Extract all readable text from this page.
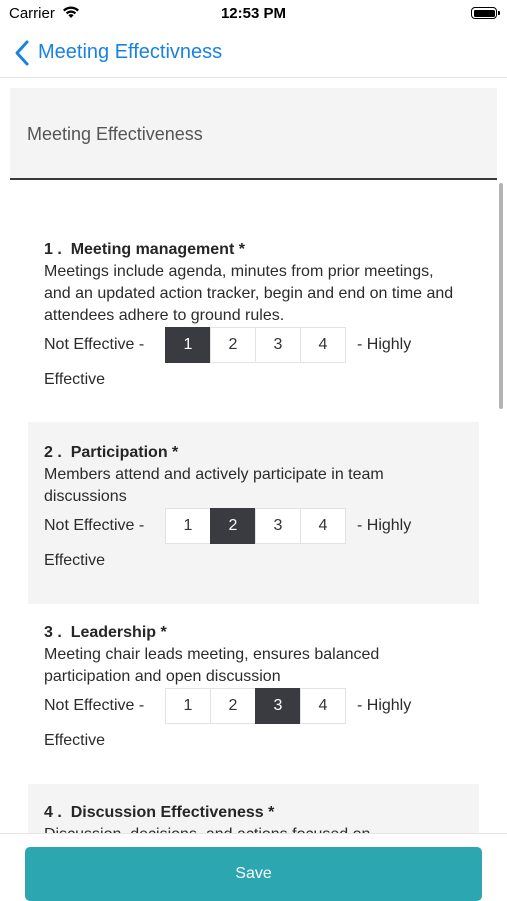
Carrier	12:53 PM
Meeting Effectivness
Meeting Effectiveness
1 . Meeting management *
Meetings include agenda, minutes from prior meetings, and an updated action tracker, begin and end on time and attendees adhere to ground rules.
Not Effective -	1	2	3	4	- Highly
Effective
2 . Participation *
Members attend and actively participate in team discussions
Not Effective -	1	2	3	4	- Highly
Effective
3 . Leadership *
Meeting chair leads meeting, ensures balanced participation and open discussion
Not Effective -	1	2	3	4	- Highly
Effective
4 . Discussion Effectiveness *
Save
